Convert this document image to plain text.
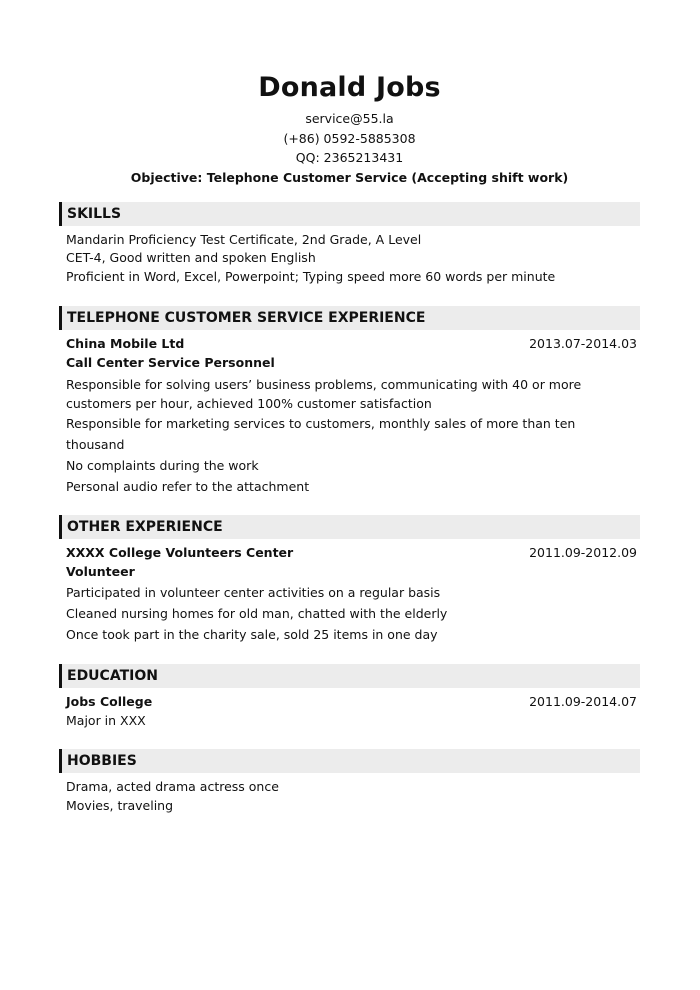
Donald Jobs
service@55.la
(+86) 0592-5885308
QQ: 2365213431
Objective: Telephone Customer Service (Accepting shift work)
SKILLS
Mandarin Proficiency Test Certificate, 2nd Grade, A Level
CET-4, Good written and spoken English
Proficient in Word, Excel, Powerpoint; Typing speed more 60 words per minute
TELEPHONE CUSTOMER SERVICE EXPERIENCE
China Mobile Ltd	2013.07-2014.03
Call Center Service Personnel
Responsible for solving users’ business problems, communicating with 40 or more customers per hour, achieved 100% customer satisfaction
Responsible for marketing services to customers, monthly sales of more than ten thousand
No complaints during the work
Personal audio refer to the attachment
OTHER EXPERIENCE
XXXX College Volunteers Center	2011.09-2012.09
Volunteer
Participated in volunteer center activities on a regular basis
Cleaned nursing homes for old man, chatted with the elderly
Once took part in the charity sale, sold 25 items in one day
EDUCATION
Jobs College	2011.09-2014.07
Major in XXX
HOBBIES
Drama, acted drama actress once
Movies, traveling
